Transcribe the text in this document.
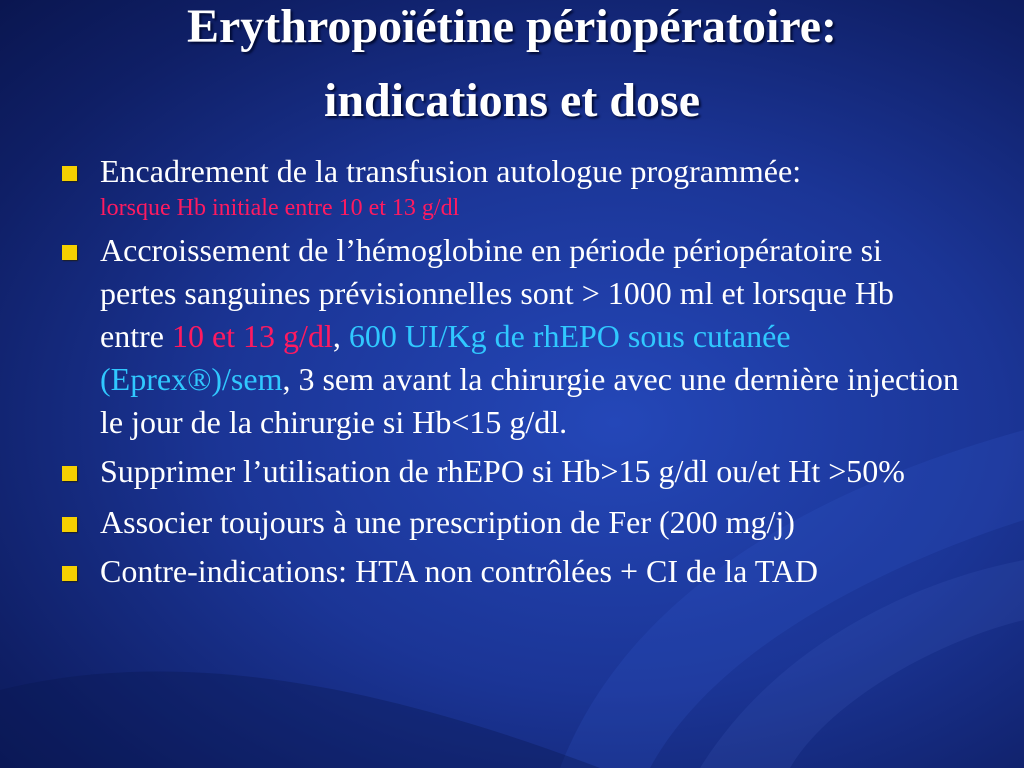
Erythropoïétine périopératoire:
indications et dose
Encadrement de la transfusion autologue programmée:
lorsque Hb initiale entre 10 et 13 g/dl
Accroissement de l’hémoglobine en période périopératoire si pertes sanguines prévisionnelles sont > 1000 ml et lorsque Hb entre 10 et 13 g/dl, 600 UI/Kg de rhEPO sous cutanée (Eprex®)/sem, 3 sem avant la chirurgie avec une dernière injection le jour de la chirurgie si Hb<15 g/dl.
Supprimer l’utilisation de rhEPO si Hb>15 g/dl ou/et Ht >50%
Associer toujours à une prescription de Fer (200 mg/j)
Contre-indications: HTA non contrôlées + CI de la TAD
